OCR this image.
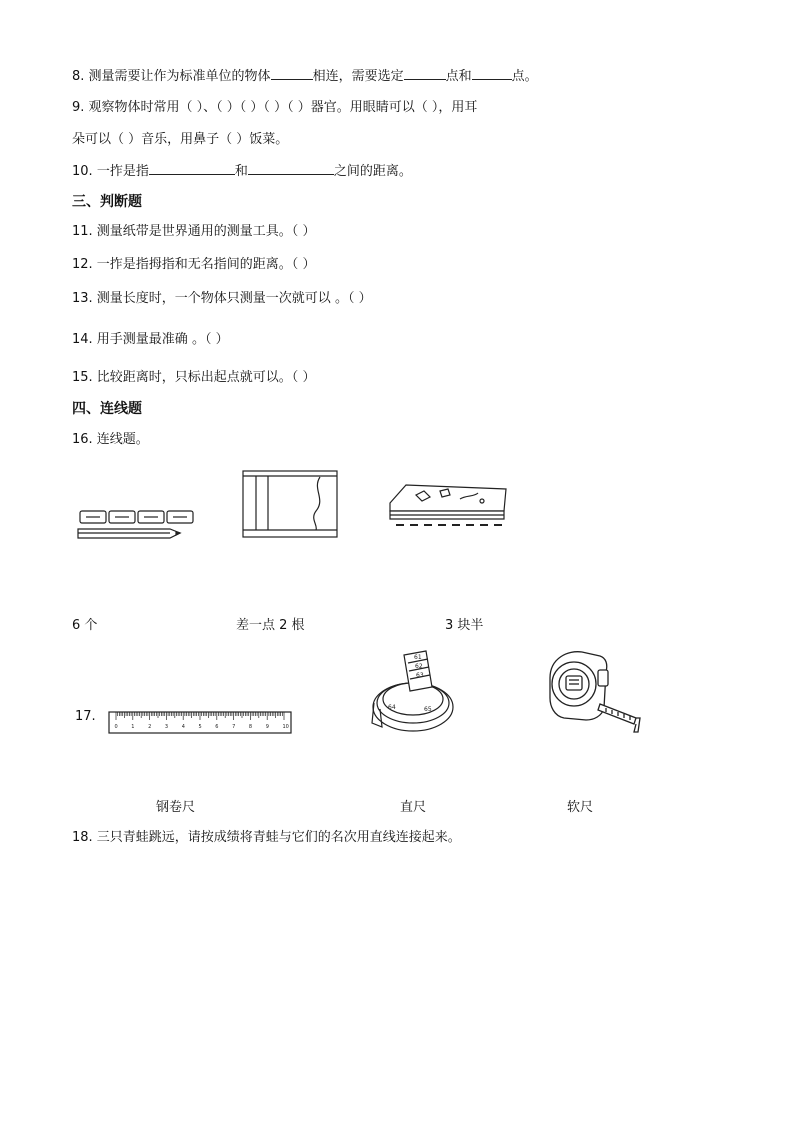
8. 测量需要让作为标准单位的物体	相连，需要选定	点和	点。
9. 观察物体时常用（ ）、（ ）（ ）（ ）（ ）器官。用眼睛可以（ ），用耳
朵可以（ ）音乐，用鼻子（ ）饭菜。
10. 一拃是指	和	之间的距离。
三、判断题
11. 测量纸带是世界通用的测量工具。（ ）
12. 一拃是指拇指和无名指间的距离。（ ）
13. 测量长度时，一个物体只测量一次就可以 。（ ）
14. 用手测量最准确 。（ ）
15. 比较距离时，只标出起点就可以。（ ）
四、连线题
16. 连线题。
6 个	差一点 2 根	3 块半
17.
0	1	2	3	4	5	6	7	8	9	10
61
62
63
64	65
钢卷尺	直尺	软尺
18. 三只青蛙跳远，请按成绩将青蛙与它们的名次用直线连接起来。
